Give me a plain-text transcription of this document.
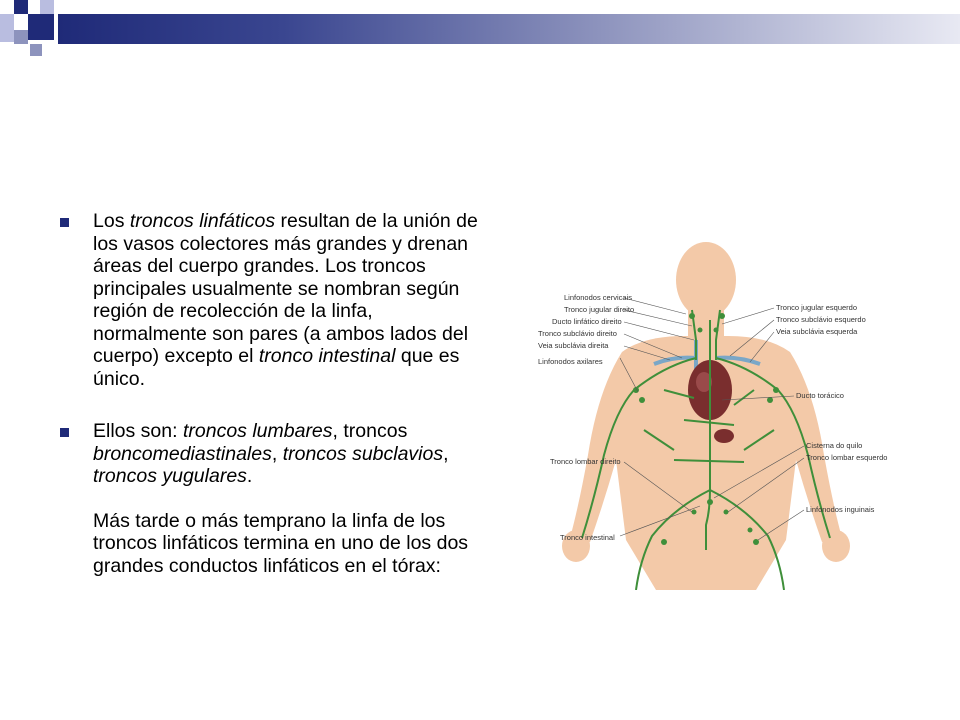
Los troncos linfáticos resultan de la unión de los vasos colectores más grandes y drenan áreas del cuerpo grandes. Los troncos principales usualmente se nombran según región de recolección de la linfa, normalmente son pares (a ambos lados del cuerpo) excepto el tronco intestinal que es único.

Ellos son: troncos lumbares, troncos broncomediastinales, troncos subclavios, troncos yugulares.

Más tarde o más temprano la linfa de los troncos linfáticos termina en uno de los dos grandes conductos linfáticos en el tórax:

Linfonodos cervicais
Tronco jugular direito
Ducto linfático direito
Tronco subclávio direito
Veia subclávia direita
Linfonodos axilares
Tronco lombar direito
Tronco intestinal
Tronco jugular esquerdo
Tronco subclávio esquerdo
Veia subclávia esquerda
Ducto torácico
Cisterna do quilo
Tronco lombar esquerdo
Linfonodos inguinais
